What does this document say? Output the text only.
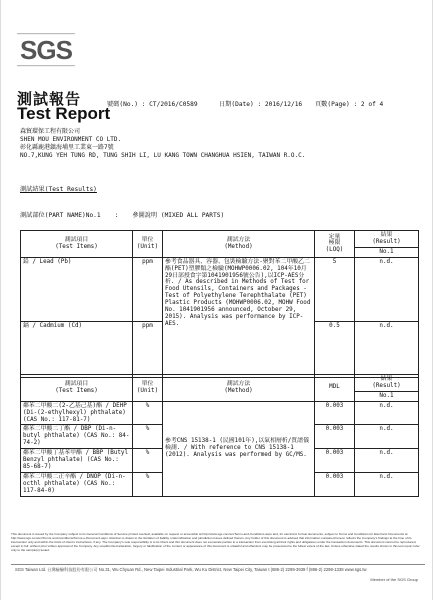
SGS
測試報告
Test Report
號碼(No.) : CT/2016/C0589	日期(Date) : 2016/12/16 頁數(Page) : 2 of 4
森貿環保工程有限公司
SHEN MOU ENVIRONMENT CO LTD.
彰化縣鹿港鎮海埔里工業東一路7號
NO.7,KUNG YEH TUNG RD, TUNG SHIH LI, LU KANG TOWN CHANGHUA HSIEN, TAIWAN R.O.C.
測試結果(Test Results)
測試部位(PART NAME)No.1 : 參圖說明 (MIXED ALL PARTS)
測試項目
(Test Items)	單位
(Unit)	測試方法
(Method)	定量
極限
(LOQ)	結果
(Result)
				No.1
鉛 / Lead (Pb)	ppm	參考食品器具、容器、包裝檢驗方法-聚對苯二甲酸乙二酯(PET)塑膠類之檢驗(MOHWP0006.02, 104年10月29日部授食字第1041901956號公告),以ICP-AES分析. / As described in Methods of Test for Food Utensils, Containers and Packages - Test of Polyethylene Terephthalate (PET) Plastic Products (MOHWP0006.02, MOHW Food No. 1041901956 announced, October 29, 2015). Analysis was performance by ICP-AES.	5	n.d.
鎘 / Cadmium (Cd)	ppm		0.5	n.d.
測試項目
(Test Items)	單位
(Unit)	測試方法
(Method)	MDL	結果
(Result)
				No.1
鄰苯二甲酸二(2-乙基己基)酯 / DEHP (Di-(2-ethylhexyl) phthalate) (CAS No.: 117-81-7)	%	參考CNS 15138-1 (民國101年),以氣相層析/質譜儀檢測. / With reference to CNS 15138-1 (2012). Analysis was performed by GC/MS.	0.003	n.d.
鄰苯二甲酸二丁酯 / DBP (Di-n-butyl phthalate) (CAS No.: 84-74-2)	%		0.003	n.d.
鄰苯二甲酸丁基苯甲酯 / BBP (Butyl Benzyl phthalate) (CAS No.: 85-68-7)	%		0.003	n.d.
鄰苯二甲酸二正辛酯 / DNOP (Di-n-octhl phthalate) (CAS No.: 117-84-0)	%		0.003	n.d.
This document is issued by the Company subject to its General Conditions of Service printed overleaf, available on request or accessible at http://www.sgs.com/en/Terms-and-Conditions.aspx and, for electronic format documents, subject to Terms and Conditions for Electronic Documents at http://www.sgs.com/en/Terms-and-Conditions/Terms-e-Document.aspx. Attention is drawn to the limitation of liability, indemnification and jurisdiction issues defined therein. Any holder of this document is advised that information contained hereon reflects the Company's findings at the time of its intervention only and within the limits of client's instructions, if any. The Company's sole responsibility is to its Client and this document does not exonerate parties to a transaction from exercising all their rights and obligations under the transaction documents. This document cannot be reproduced, except in full, without prior written approval of the Company. Any unauthorized alteration, forgery or falsification of the content or appearance of this document is unlawful and offenders may be prosecuted to the fullest extent of the law. Unless otherwise stated the results shown in this test report refer only to the sample(s) tested.
SGS Taiwan Ltd. 台灣檢驗科技股份有限公司 No.31, Wu Chyuan Rd., New Taipei Industrial Park, Wu Ku District, New Taipei City, Taiwan t (886-2) 2299-3939 f (886-2) 2298-1338 www.sgs.tw
Member of the SGS Group
